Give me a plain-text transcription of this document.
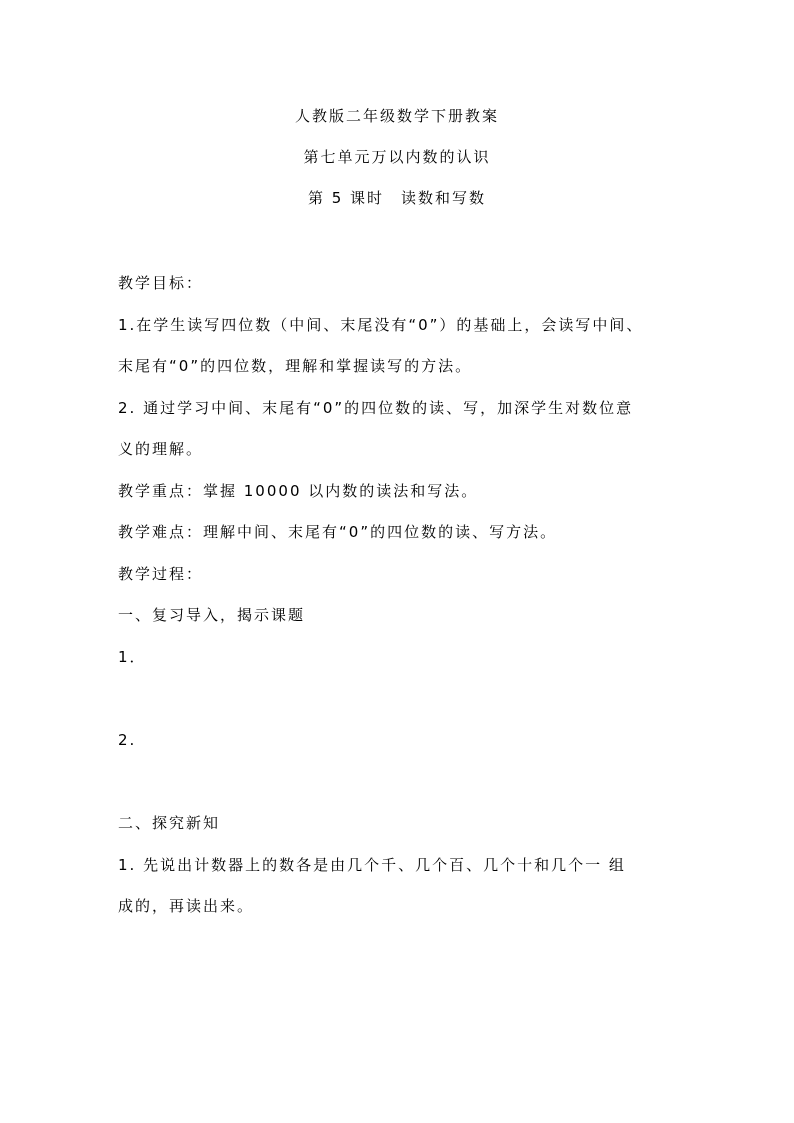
人教版二年级数学下册教案
第七单元万以内数的认识
第 5 课时　读数和写数
教学目标：
1.在学生读写四位数（中间、末尾没有“0”）的基础上，会读写中间、
末尾有“0”的四位数，理解和掌握读写的方法。
2. 通过学习中间、末尾有“0”的四位数的读、写，加深学生对数位意
义的理解。
教学重点：掌握 10000 以内数的读法和写法。
教学难点：理解中间、末尾有“0”的四位数的读、写方法。
教学过程：
一、复习导入，揭示课题
1．
2.
二、探究新知
1. 先说出计数器上的数各是由几个千、几个百、几个十和几个一 组
成的，再读出来。
